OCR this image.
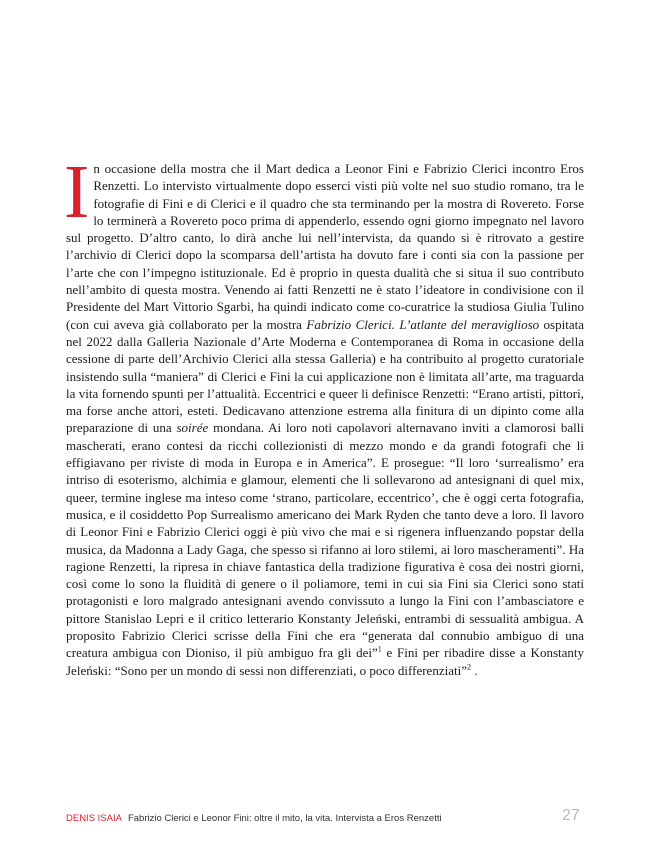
In occasione della mostra che il Mart dedica a Leonor Fini e Fabrizio Clerici incontro Eros Renzetti. Lo intervisto virtualmente dopo esserci visti più volte nel suo studio romano, tra le fotografie di Fini e di Clerici e il quadro che sta terminando per la mostra di Rovereto. Forse lo terminerà a Rovereto poco prima di appenderlo, essendo ogni giorno impegnato nel lavoro sul progetto. D’altro canto, lo dirà anche lui nell’intervista, da quando si è ritrovato a gestire l’archivio di Clerici dopo la scomparsa dell’artista ha dovuto fare i conti sia con la passione per l’arte che con l’impegno istituzionale. Ed è proprio in questa dualità che si situa il suo contributo nell’ambito di questa mostra. Venendo ai fatti Renzetti ne è stato l’ideatore in condivisione con il Presidente del Mart Vittorio Sgarbi, ha quindi indicato come co-curatrice la studiosa Giulia Tulino (con cui aveva già collaborato per la mostra Fabrizio Clerici. L’atlante del meraviglioso ospitata nel 2022 dalla Galleria Nazionale d’Arte Moderna e Contemporanea di Roma in occasione della cessione di parte dell’Archivio Clerici alla stessa Galleria) e ha contribuito al progetto curatoriale insistendo sulla “maniera” di Clerici e Fini la cui applicazione non è limitata all’arte, ma traguarda la vita fornendo spunti per l’attualità. Eccentrici e queer li definisce Renzetti: “Erano artisti, pittori, ma forse anche attori, esteti. Dedicavano attenzione estrema alla finitura di un dipinto come alla preparazione di una soirée mondana. Ai loro noti capolavori alternavano inviti a clamorosi balli mascherati, erano contesi da ricchi collezionisti di mezzo mondo e da grandi fotografi che li effigiavano per riviste di moda in Europa e in America”. E prosegue: “Il loro ‘surrealismo’ era intriso di esoterismo, alchimia e glamour, elementi che li sollevarono ad antesignani di quel mix, queer, termine inglese ma inteso come ‘strano, particolare, eccentrico’, che è oggi certa fotografia, musica, e il cosiddetto Pop Surrealismo americano dei Mark Ryden che tanto deve a loro. Il lavoro di Leonor Fini e Fabrizio Clerici oggi è più vivo che mai e si rigenera influenzando popstar della musica, da Madonna a Lady Gaga, che spesso si rifanno ai loro stilemi, ai loro mascheramenti”. Ha ragione Renzetti, la ripresa in chiave fantastica della tradizione figurativa è cosa dei nostri giorni, così come lo sono la fluidità di genere o il poliamore, temi in cui sia Fini sia Clerici sono stati protagonisti e loro malgrado antesignani avendo convissuto a lungo la Fini con l’ambasciatore e pittore Stanislao Lepri e il critico letterario Konstanty Jeleński, entrambi di sessualità ambigua. A proposito Fabrizio Clerici scrisse della Fini che era “generata dal connubio ambiguo di una creatura ambigua con Dioniso, il più ambiguo fra gli dei”$^1$ e Fini per ribadire disse a Konstanty Jeleński: “Sono per un mondo di sessi non differenziati, o poco differenziati”$^2$ .

DENIS ISAIA Fabrizio Clerici e Leonor Fini: oltre il mito, la vita. Intervista a Eros Renzetti	27
